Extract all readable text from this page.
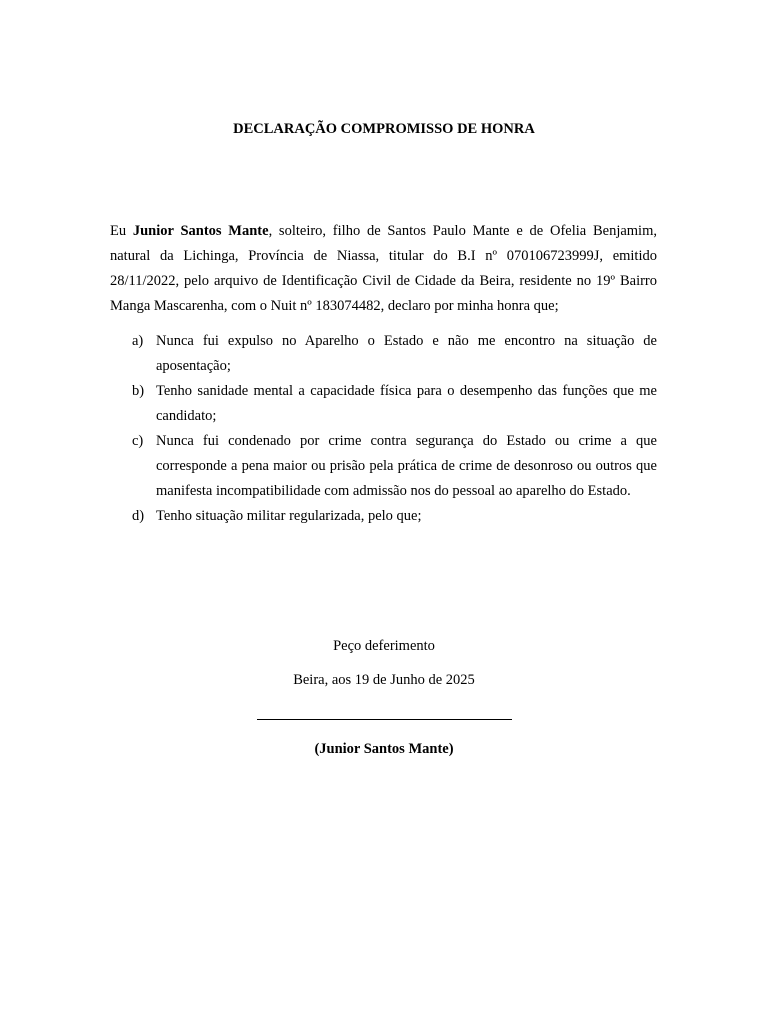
DECLARAÇÃO COMPROMISSO DE HONRA

Eu Junior Santos Mante, solteiro, filho de Santos Paulo Mante e de Ofelia Benjamim, natural da Lichinga, Província de Niassa, titular do B.I nº 070106723999J, emitido 28/11/2022, pelo arquivo de Identificação Civil de Cidade da Beira, residente no 19º Bairro Manga Mascarenha, com o Nuit nº 183074482, declaro por minha honra que;

a) Nunca fui expulso no Aparelho o Estado e não me encontro na situação de aposentação;
b) Tenho sanidade mental a capacidade física para o desempenho das funções que me candidato;
c) Nunca fui condenado por crime contra segurança do Estado ou crime a que corresponde a pena maior ou prisão pela prática de crime de desonroso ou outros que manifesta incompatibilidade com admissão nos do pessoal ao aparelho do Estado.
d) Tenho situação militar regularizada, pelo que;
Peço deferimento
Beira, aos 19 de Junho de 2025
(Junior Santos Mante)
